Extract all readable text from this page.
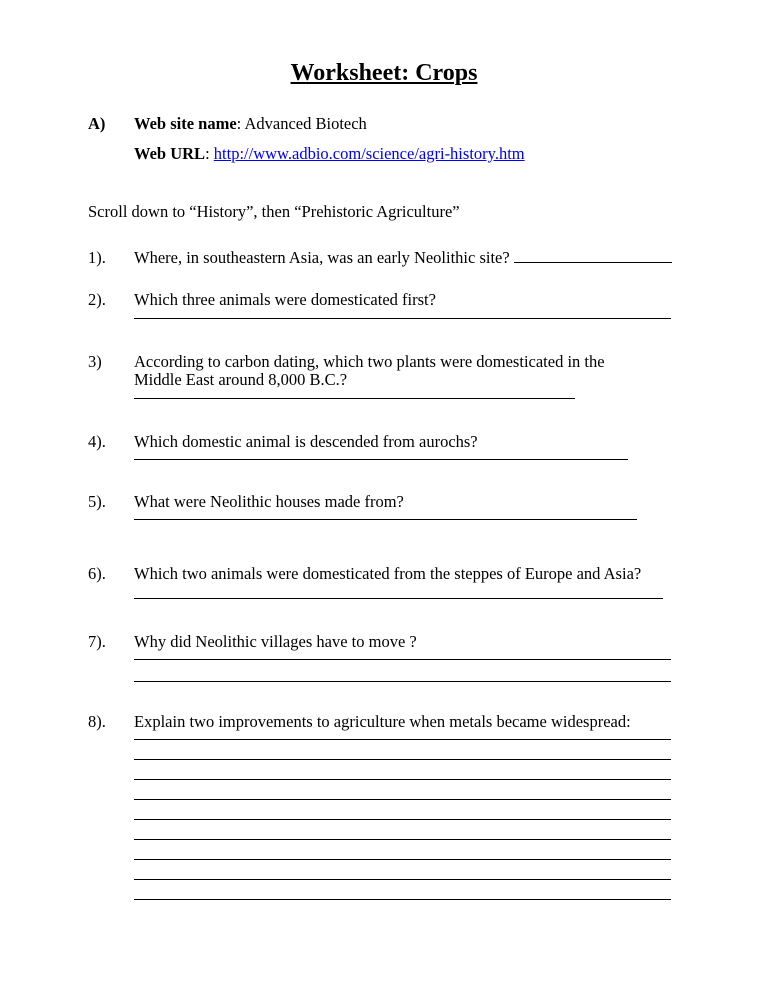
Worksheet: Crops
A) Web site name: Advanced Biotech
Web URL: http://www.adbio.com/science/agri-history.htm
Scroll down to “History”, then “Prehistoric Agriculture”
1). Where, in southeastern Asia, was an early Neolithic site?
2). Which three animals were domesticated first?
3) According to carbon dating, which two plants were domesticated in the
Middle East around 8,000 B.C.?
4). Which domestic animal is descended from aurochs?
5). What were Neolithic houses made from?
6). Which two animals were domesticated from the steppes of Europe and Asia?
7). Why did Neolithic villages have to move ?
8). Explain two improvements to agriculture when metals became widespread:
